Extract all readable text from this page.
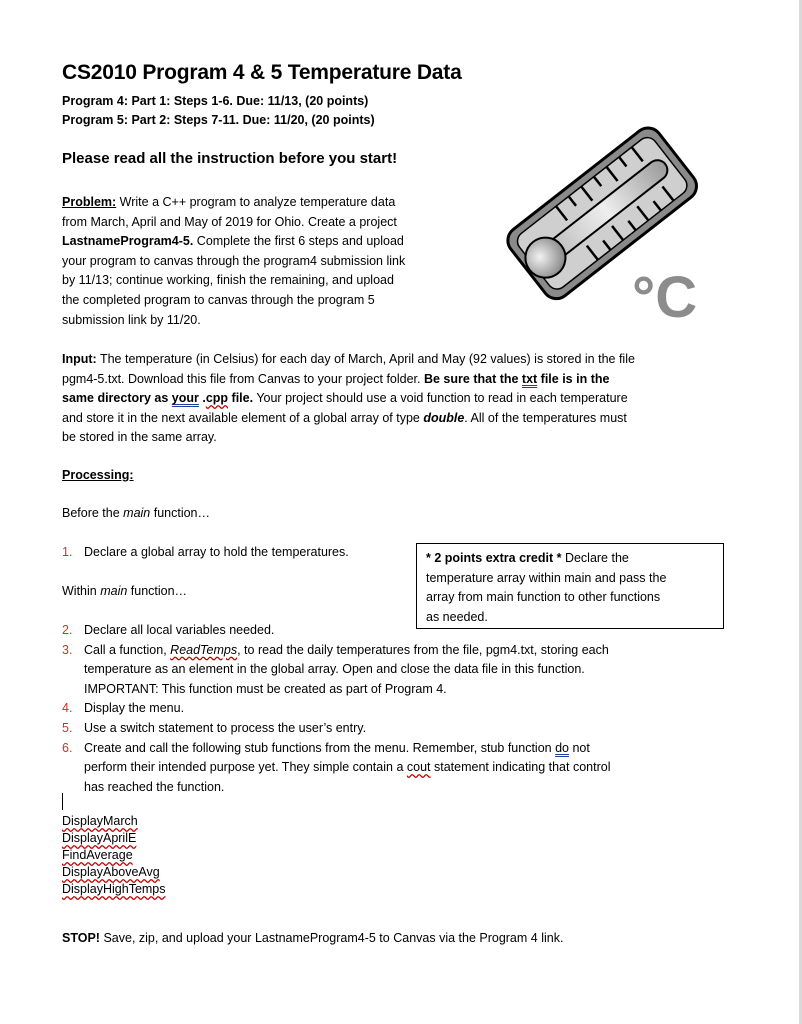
CS2010 Program 4 & 5 Temperature Data
Program 4: Part 1: Steps 1-6. Due: 11/13, (20 points)
Program 5: Part 2: Steps 7-11. Due: 11/20, (20 points)
Please read all the instruction before you start!
°C
Problem: Write a C++ program to analyze temperature data
from March, April and May of 2019 for Ohio. Create a project
LastnameProgram4-5. Complete the first 6 steps and upload
your program to canvas through the program4 submission link
by 11/13; continue working, finish the remaining, and upload
the completed program to canvas through the program 5
submission link by 11/20.
Input: The temperature (in Celsius) for each day of March, April and May (92 values) is stored in the file
pgm4-5.txt. Download this file from Canvas to your project folder. Be sure that the txt file is in the
same directory as your .cpp file. Your project should use a void function to read in each temperature
and store it in the next available element of a global array of type double. All of the temperatures must
be stored in the same array.
Processing:
Before the main function…
1. Declare a global array to hold the temperatures.
Within main function…
* 2 points extra credit * Declare the
temperature array within main and pass the
array from main function to other functions
as needed.
2. Declare all local variables needed.
3. Call a function, ReadTemps, to read the daily temperatures from the file, pgm4.txt, storing each
temperature as an element in the global array. Open and close the data file in this function.
IMPORTANT: This function must be created as part of Program 4.
4. Display the menu.
5. Use a switch statement to process the user’s entry.
6. Create and call the following stub functions from the menu. Remember, stub function do not
perform their intended purpose yet. They simple contain a cout statement indicating that control
has reached the function.
DisplayMarch
DisplayAprilE
FindAverage
DisplayAboveAvg
DisplayHighTemps
STOP! Save, zip, and upload your LastnameProgram4-5 to Canvas via the Program 4 link.
